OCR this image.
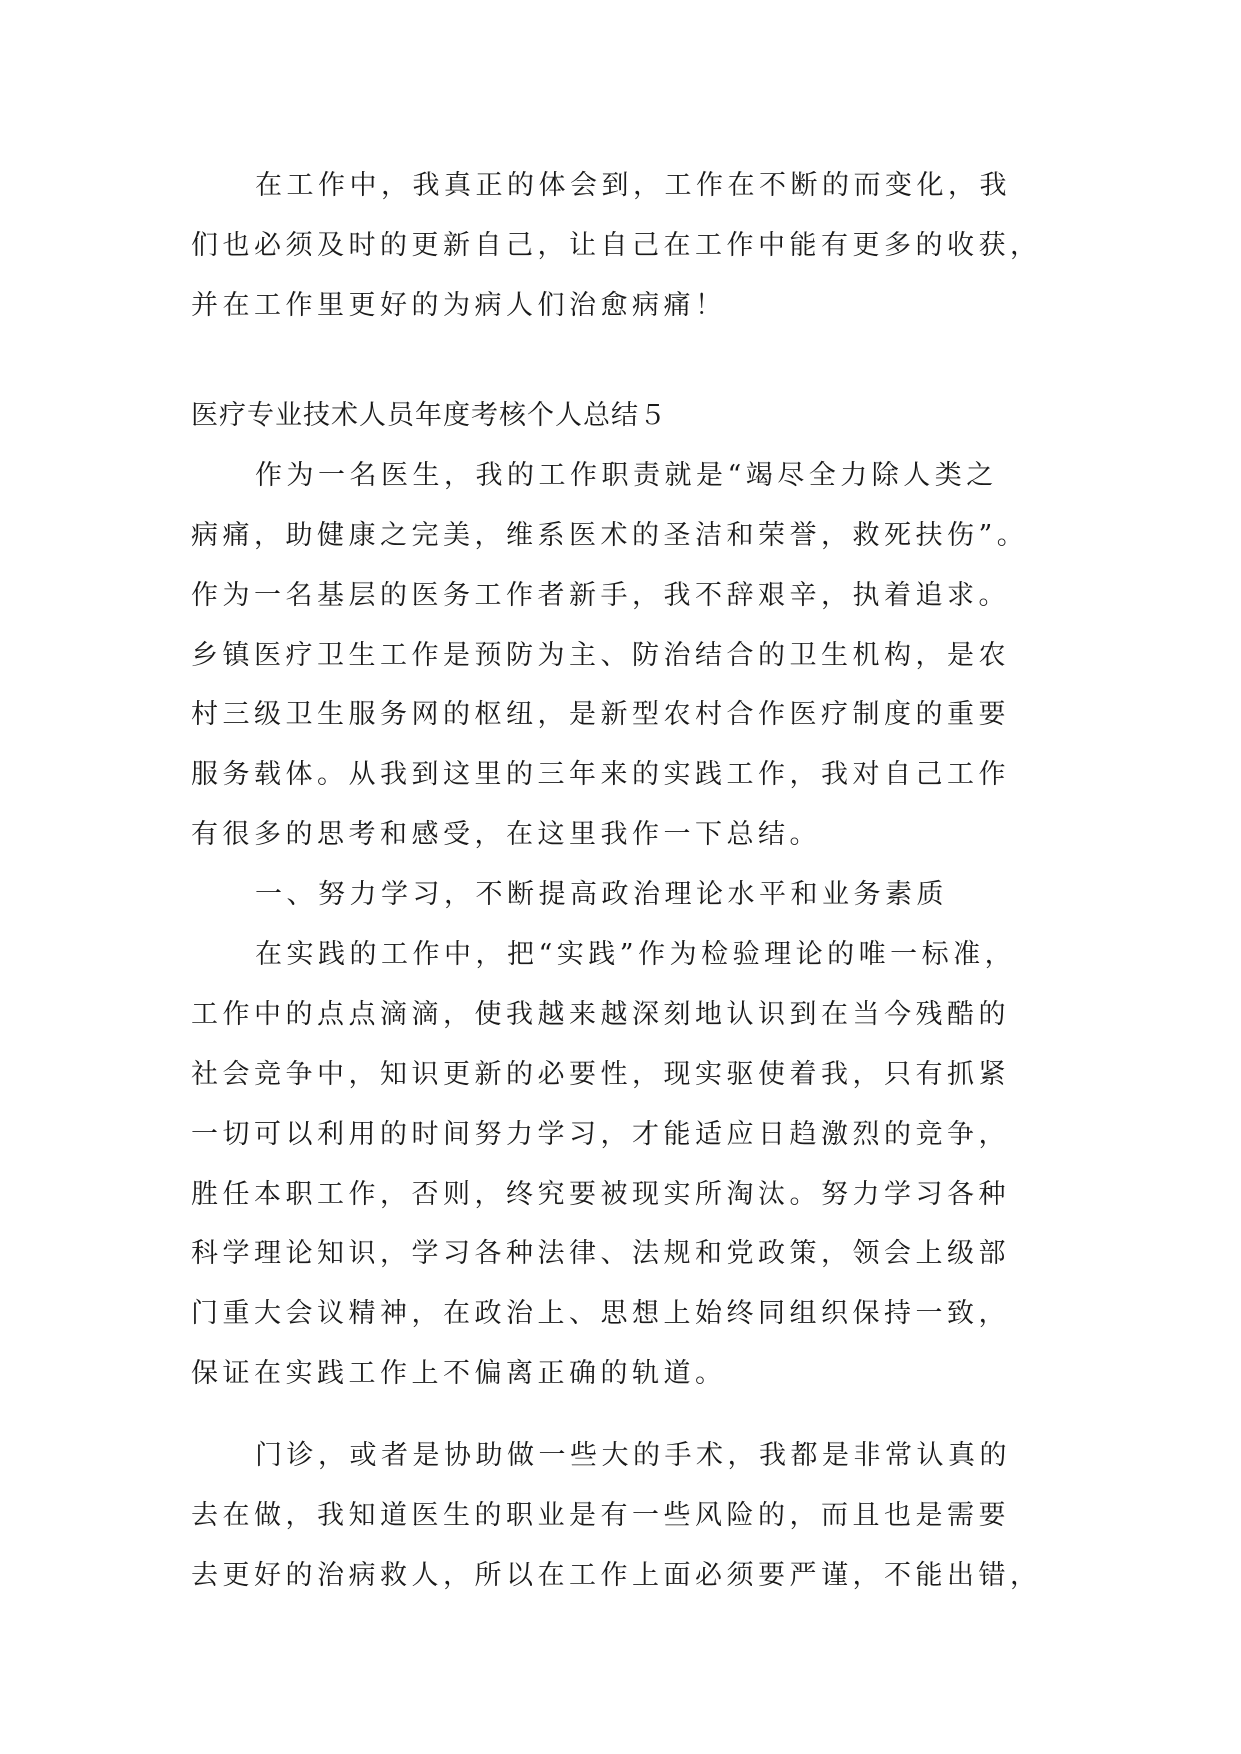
在工作中，我真正的体会到，工作在不断的而变化，我
们也必须及时的更新自己，让自己在工作中能有更多的收获，
并在工作里更好的为病人们治愈病痛！
医疗专业技术人员年度考核个人总结５
作为一名医生，我的工作职责就是“竭尽全力除人类之
病痛，助健康之完美，维系医术的圣洁和荣誉，救死扶伤”。
作为一名基层的医务工作者新手，我不辞艰辛，执着追求。
乡镇医疗卫生工作是预防为主、防治结合的卫生机构，是农
村三级卫生服务网的枢纽，是新型农村合作医疗制度的重要
服务载体。从我到这里的三年来的实践工作，我对自己工作
有很多的思考和感受，在这里我作一下总结。
一、努力学习，不断提高政治理论水平和业务素质
在实践的工作中，把“实践”作为检验理论的唯一标准，
工作中的点点滴滴，使我越来越深刻地认识到在当今残酷的
社会竞争中，知识更新的必要性，现实驱使着我，只有抓紧
一切可以利用的时间努力学习，才能适应日趋激烈的竞争，
胜任本职工作，否则，终究要被现实所淘汰。努力学习各种
科学理论知识，学习各种法律、法规和党政策，领会上级部
门重大会议精神，在政治上、思想上始终同组织保持一致，
保证在实践工作上不偏离正确的轨道。
门诊，或者是协助做一些大的手术，我都是非常认真的
去在做，我知道医生的职业是有一些风险的，而且也是需要
去更好的治病救人，所以在工作上面必须要严谨，不能出错，
